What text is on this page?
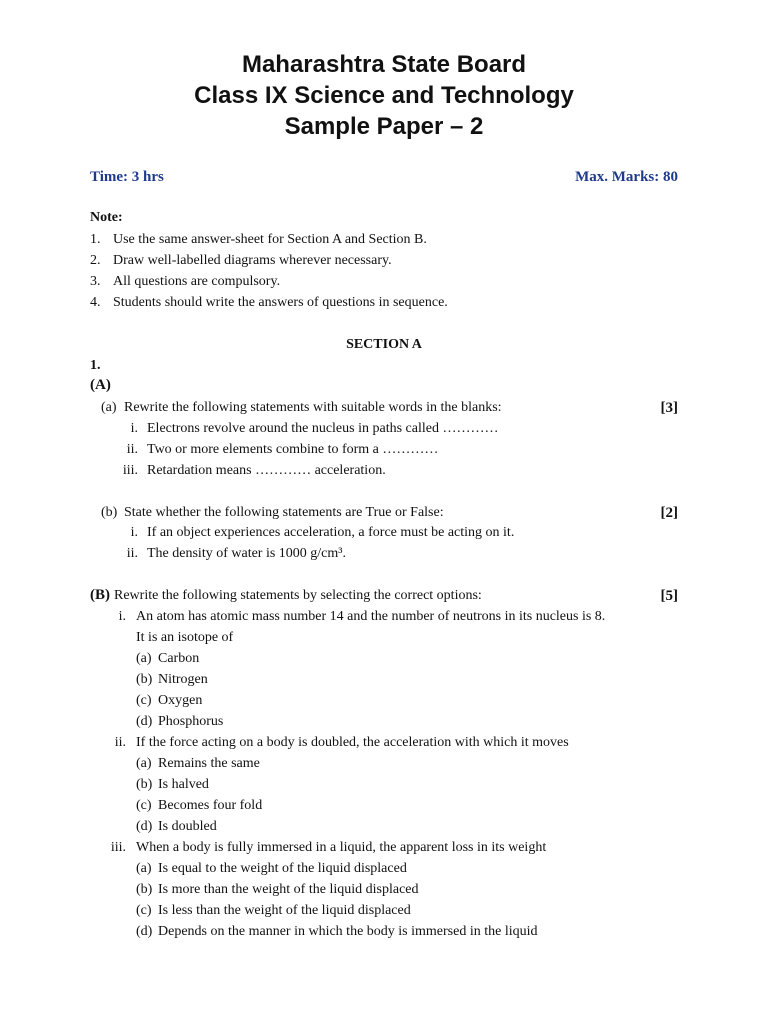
Maharashtra State Board
Class IX Science and Technology
Sample Paper – 2
Time: 3 hrs	Max. Marks: 80
Note:
1. Use the same answer-sheet for Section A and Section B.
2. Draw well-labelled diagrams wherever necessary.
3. All questions are compulsory.
4. Students should write the answers of questions in sequence.
SECTION A
1.
(A)
(a) Rewrite the following statements with suitable words in the blanks:	[3]
i. Electrons revolve around the nucleus in paths called …………
ii. Two or more elements combine to form a …………
iii. Retardation means ………… acceleration.
(b) State whether the following statements are True or False:	[2]
i. If an object experiences acceleration, a force must be acting on it.
ii. The density of water is 1000 g/cm³.
(B) Rewrite the following statements by selecting the correct options:	[5]
i. An atom has atomic mass number 14 and the number of neutrons in its nucleus is 8.
It is an isotope of
(a) Carbon
(b) Nitrogen
(c) Oxygen
(d) Phosphorus
ii. If the force acting on a body is doubled, the acceleration with which it moves
(a) Remains the same
(b) Is halved
(c) Becomes four fold
(d) Is doubled
iii. When a body is fully immersed in a liquid, the apparent loss in its weight
(a) Is equal to the weight of the liquid displaced
(b) Is more than the weight of the liquid displaced
(c) Is less than the weight of the liquid displaced
(d) Depends on the manner in which the body is immersed in the liquid
